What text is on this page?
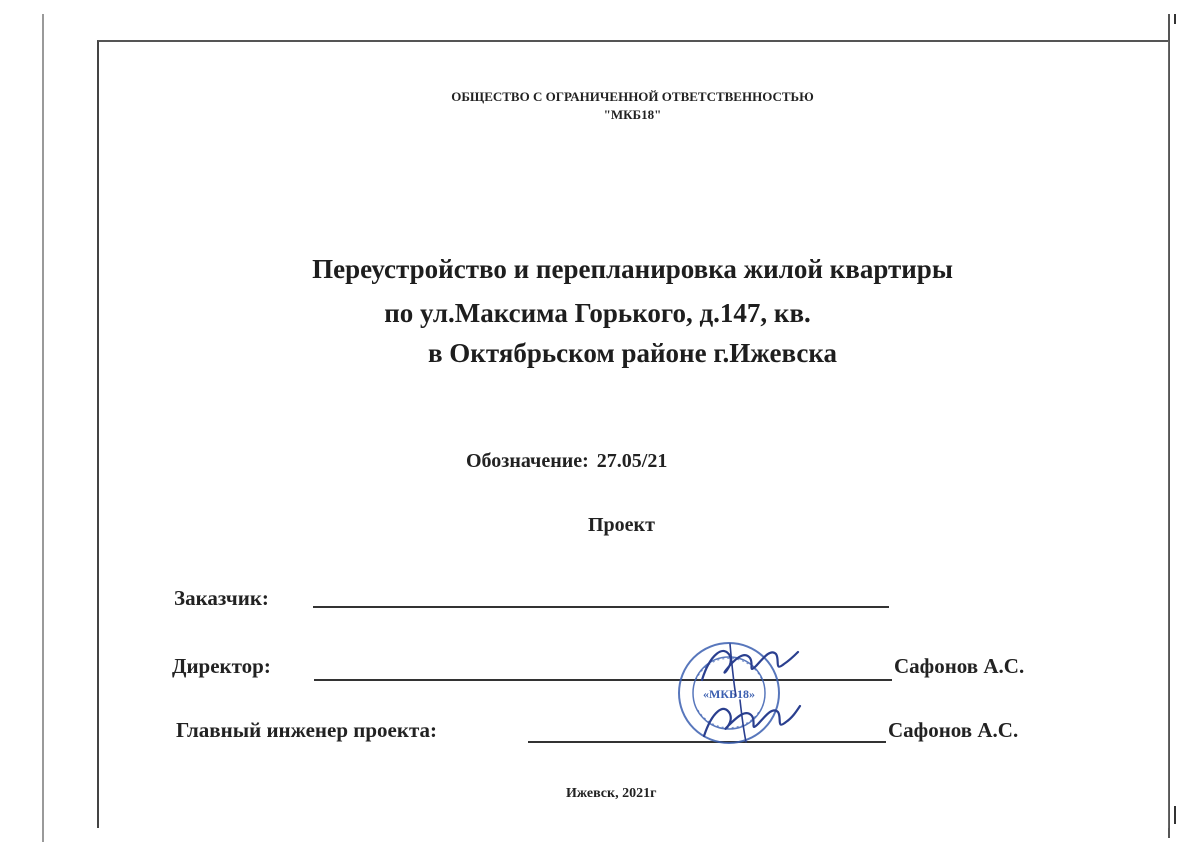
ОБЩЕСТВО С ОГРАНИЧЕННОЙ ОТВЕТСТВЕННОСТЬЮ
"МКБ18"
Переустройство и перепланировка жилой квартиры
по ул.Максима Горького, д.147, кв.
в Октябрьском районе г.Ижевска
Обозначение: 27.05/21
Проект
Заказчик:
Директор:	Сафонов А.С.
Главный инженер проекта:	Сафонов А.С.
«МКБ18»
Ижевск, 2021г
